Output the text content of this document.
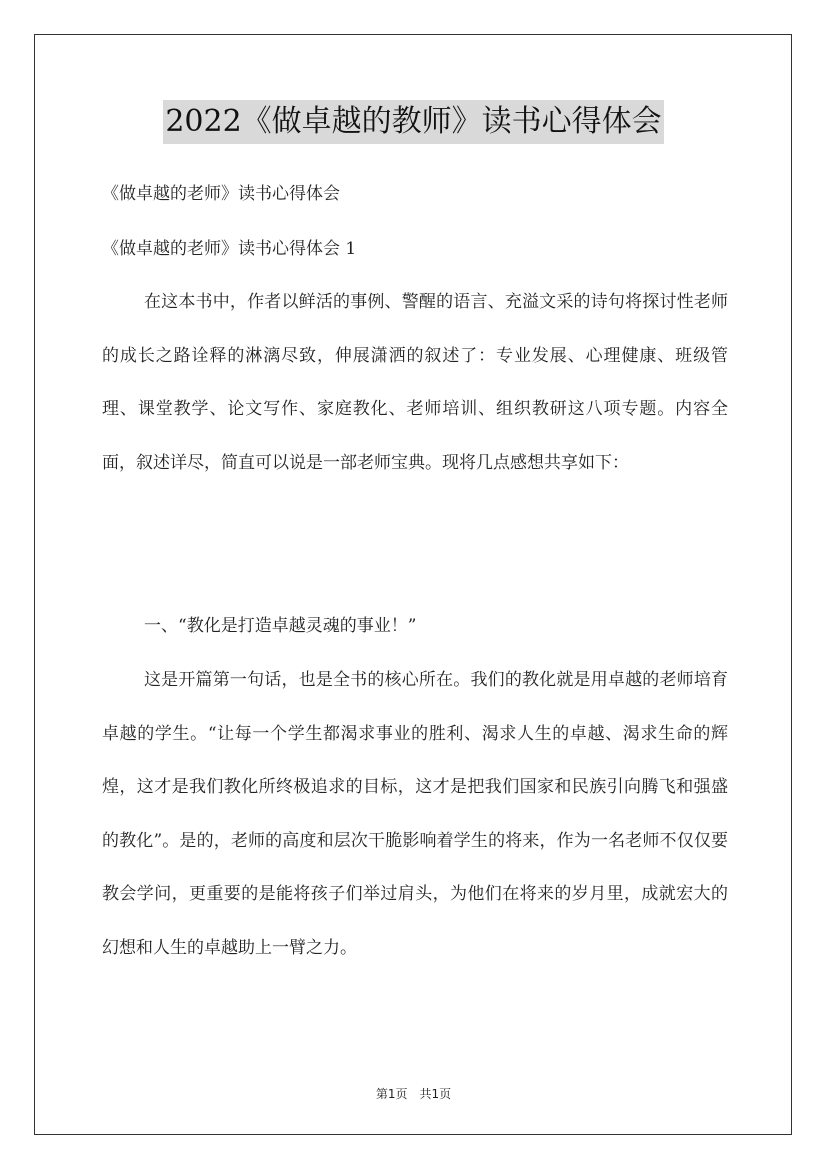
2022《做卓越的教师》读书心得体会
《做卓越的老师》读书心得体会
《做卓越的老师》读书心得体会 1
在这本书中，作者以鲜活的事例、警醒的语言、充溢文采的诗句将探讨性老师的成长之路诠释的淋漓尽致，伸展潇洒的叙述了：专业发展、心理健康、班级管理、课堂教学、论文写作、家庭教化、老师培训、组织教研这八项专题。内容全面，叙述详尽，简直可以说是一部老师宝典。现将几点感想共享如下：
一、“教化是打造卓越灵魂的事业！”
这是开篇第一句话，也是全书的核心所在。我们的教化就是用卓越的老师培育卓越的学生。“让每一个学生都渴求事业的胜利、渴求人生的卓越、渴求生命的辉煌，这才是我们教化所终极追求的目标，这才是把我们国家和民族引向腾飞和强盛的教化”。是的，老师的高度和层次干脆影响着学生的将来，作为一名老师不仅仅要教会学问，更重要的是能将孩子们举过肩头，为他们在将来的岁月里，成就宏大的幻想和人生的卓越助上一臂之力。
第1页　共1页
